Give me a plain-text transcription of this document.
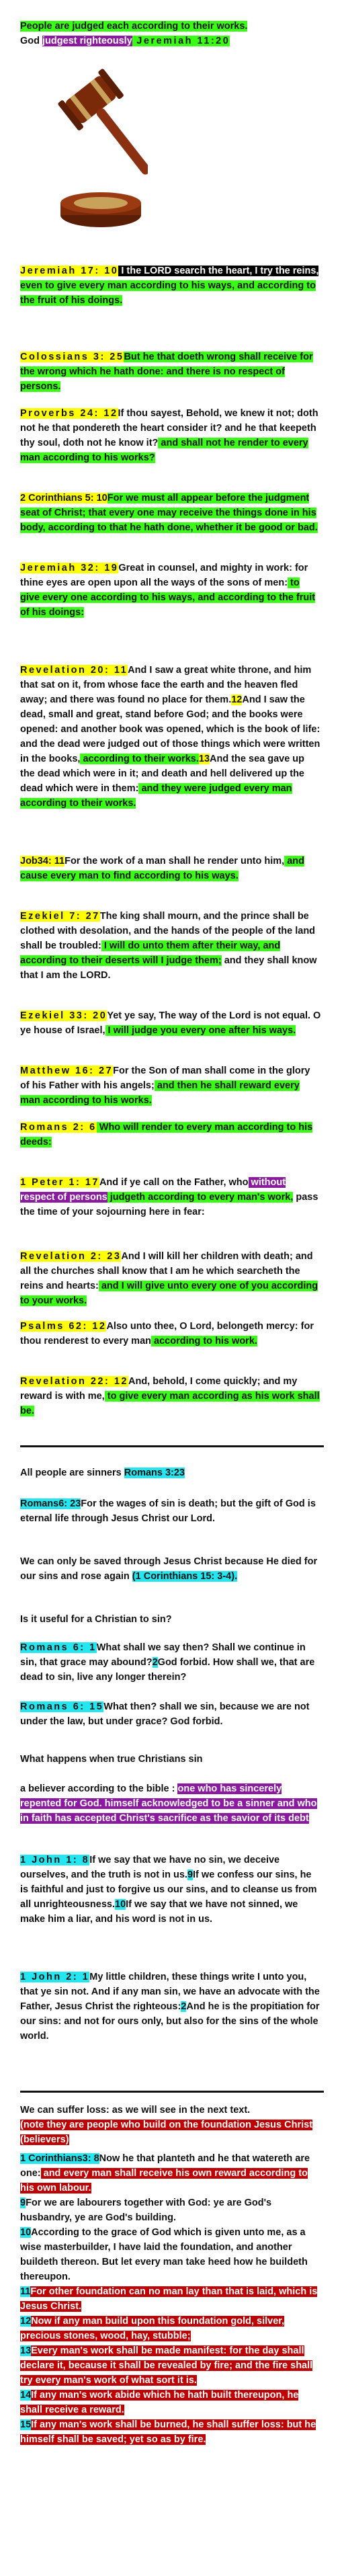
People are judged each according to their works.
God judgest righteously Jeremiah 11:20
Jeremiah 17: 10 I the LORD search the heart, I try the reins, even to give every man according to his ways, and according to the fruit of his doings.
Colossians 3: 25But he that doeth wrong shall receive for the wrong which he hath done: and there is no respect of persons.
Proverbs 24: 12If thou sayest, Behold, we knew it not; doth not he that pondereth the heart consider it? and he that keepeth thy soul, doth not he know it? and shall not he render to every man according to his works?
2 Corinthians 5: 10For we must all appear before the judgment seat of Christ; that every one may receive the things done in his body, according to that he hath done, whether it be good or bad.
Jeremiah 32: 19Great in counsel, and mighty in work: for thine eyes are open upon all the ways of the sons of men: to give every one according to his ways, and according to the fruit of his doings:
Revelation 20: 11And I saw a great white throne, and him that sat on it, from whose face the earth and the heaven fled away; and there was found no place for them.12And I saw the dead, small and great, stand before God; and the books were opened: and another book was opened, which is the book of life: and the dead were judged out of those things which were written in the books, according to their works.13And the sea gave up the dead which were in it; and death and hell delivered up the dead which were in them: and they were judged every man according to their works.
Job34: 11For the work of a man shall he render unto him, and cause every man to find according to his ways.
Ezekiel 7: 27The king shall mourn, and the prince shall be clothed with desolation, and the hands of the people of the land shall be troubled: I will do unto them after their way, and according to their deserts will I judge them; and they shall know that I am the LORD.
Ezekiel 33: 20Yet ye say, The way of the Lord is not equal. O ye house of Israel, I will judge you every one after his ways.
Matthew 16: 27For the Son of man shall come in the glory of his Father with his angels; and then he shall reward every man according to his works.
Romans 2: 6 Who will render to every man according to his deeds:
1 Peter 1: 17And if ye call on the Father, who without respect of persons judgeth according to every man's work, pass the time of your sojourning here in fear:
Revelation 2: 23And I will kill her children with death; and all the churches shall know that I am he which searcheth the reins and hearts: and I will give unto every one of you according to your works.
Psalms 62: 12Also unto thee, O Lord, belongeth mercy: for thou renderest to every man according to his work.
Revelation 22: 12And, behold, I come quickly; and my reward is with me, to give every man according as his work shall be.
All people are sinners Romans 3:23
Romans6: 23For the wages of sin is death; but the gift of God is eternal life through Jesus Christ our Lord.
We can only be saved through Jesus Christ because He died for our sins and rose again (1 Corinthians 15: 3-4).
Is it useful for a Christian to sin?
Romans 6: 1What shall we say then? Shall we continue in sin, that grace may abound?2God forbid. How shall we, that are dead to sin, live any longer therein?
Romans 6: 15What then? shall we sin, because we are not under the law, but under grace? God forbid.
What happens when true Christians sin
a believer according to the bible : one who has sincerely repented for God. himself acknowledged to be a sinner and who in faith has accepted Christ's sacrifice as the savior of its debt
1 John 1: 8If we say that we have no sin, we deceive ourselves, and the truth is not in us.9If we confess our sins, he is faithful and just to forgive us our sins, and to cleanse us from all unrighteousness.10If we say that we have not sinned, we make him a liar, and his word is not in us.
1 John 2: 1My little children, these things write I unto you, that ye sin not. And if any man sin, we have an advocate with the Father, Jesus Christ the righteous:2And he is the propitiation for our sins: and not for ours only, but also for the sins of the whole world.
We can suffer loss: as we will see in the next text.
(note they are people who build on the foundation Jesus Christ (believers)
1 Corinthians3: 8Now he that planteth and he that watereth are one: and every man shall receive his own reward according to his own labour.
9For we are labourers together with God: ye are God's husbandry, ye are God's building.
10According to the grace of God which is given unto me, as a wise masterbuilder, I have laid the foundation, and another buildeth thereon. But let every man take heed how he buildeth thereupon.
11For other foundation can no man lay than that is laid, which is Jesus Christ.
12Now if any man build upon this foundation gold, silver, precious stones, wood, hay, stubble;
13Every man's work shall be made manifest: for the day shall declare it, because it shall be revealed by fire; and the fire shall try every man's work of what sort it is.
14If any man's work abide which he hath built thereupon, he shall receive a reward.
15If any man's work shall be burned, he shall suffer loss: but he himself shall be saved; yet so as by fire.
